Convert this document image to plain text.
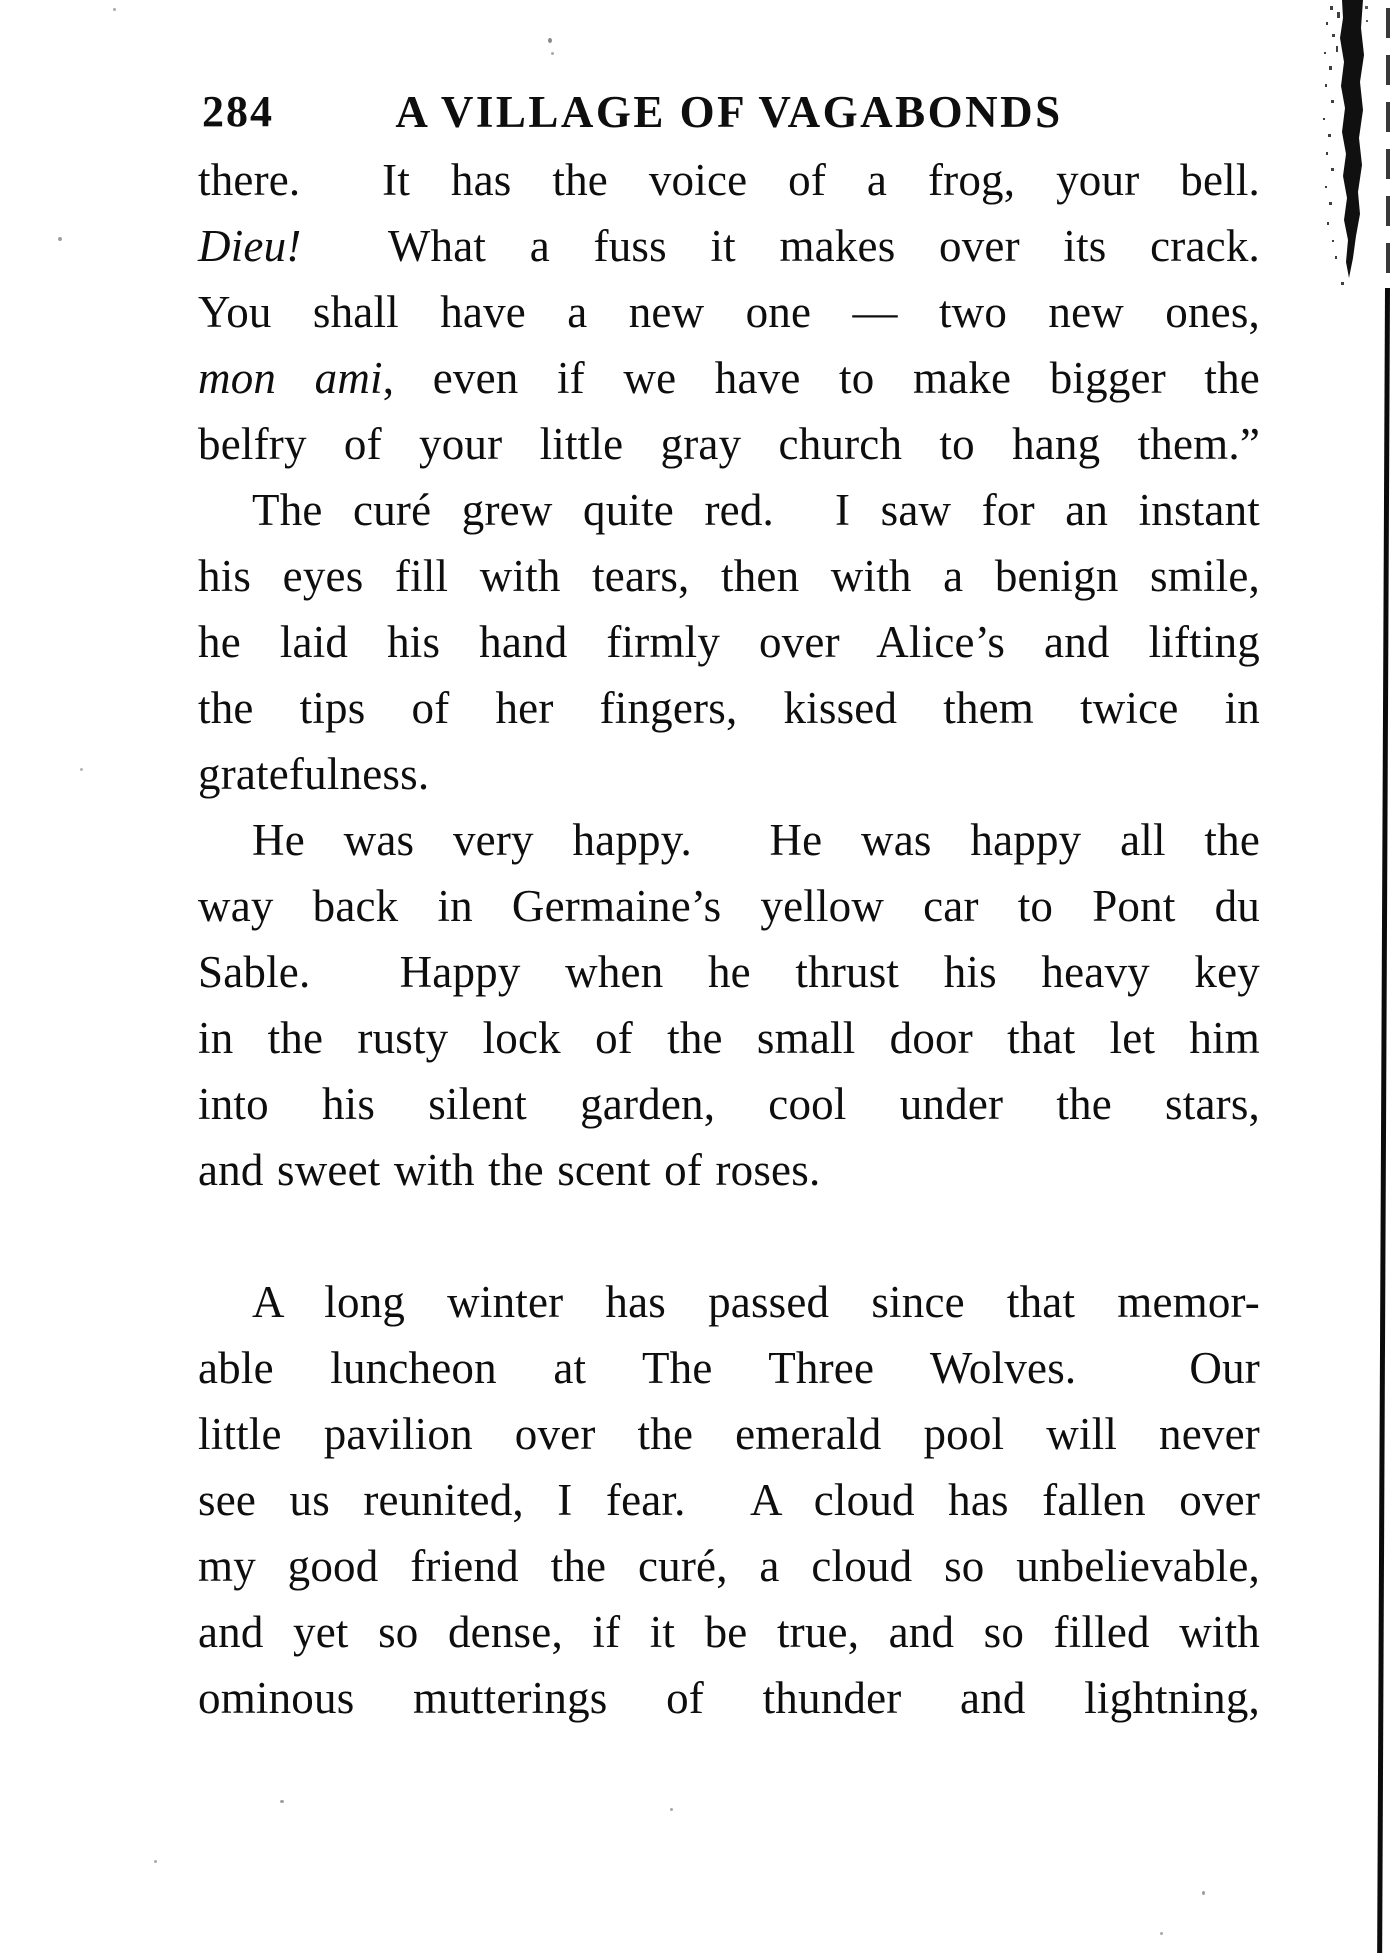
284	A VILLAGE OF VAGABONDS
there.  It has the voice of a frog, your bell.
Dieu!  What a fuss it makes over its crack.
You shall have a new one — two new ones,
mon ami, even if we have to make bigger the
belfry of your little gray church to hang them.”
The curé grew quite red.  I saw for an instant
his eyes fill with tears, then with a benign smile,
he laid his hand firmly over Alice’s and lifting
the tips of her fingers, kissed them twice in
gratefulness.
He was very happy.  He was happy all the
way back in Germaine’s yellow car to Pont du
Sable.  Happy when he thrust his heavy key
in the rusty lock of the small door that let him
into his silent garden, cool under the stars,
and sweet with the scent of roses.
A long winter has passed since that memor-
able luncheon at The Three Wolves.  Our
little pavilion over the emerald pool will never
see us reunited, I fear.  A cloud has fallen over
my good friend the curé, a cloud so unbelievable,
and yet so dense, if it be true, and so filled with
ominous mutterings of thunder and lightning,
